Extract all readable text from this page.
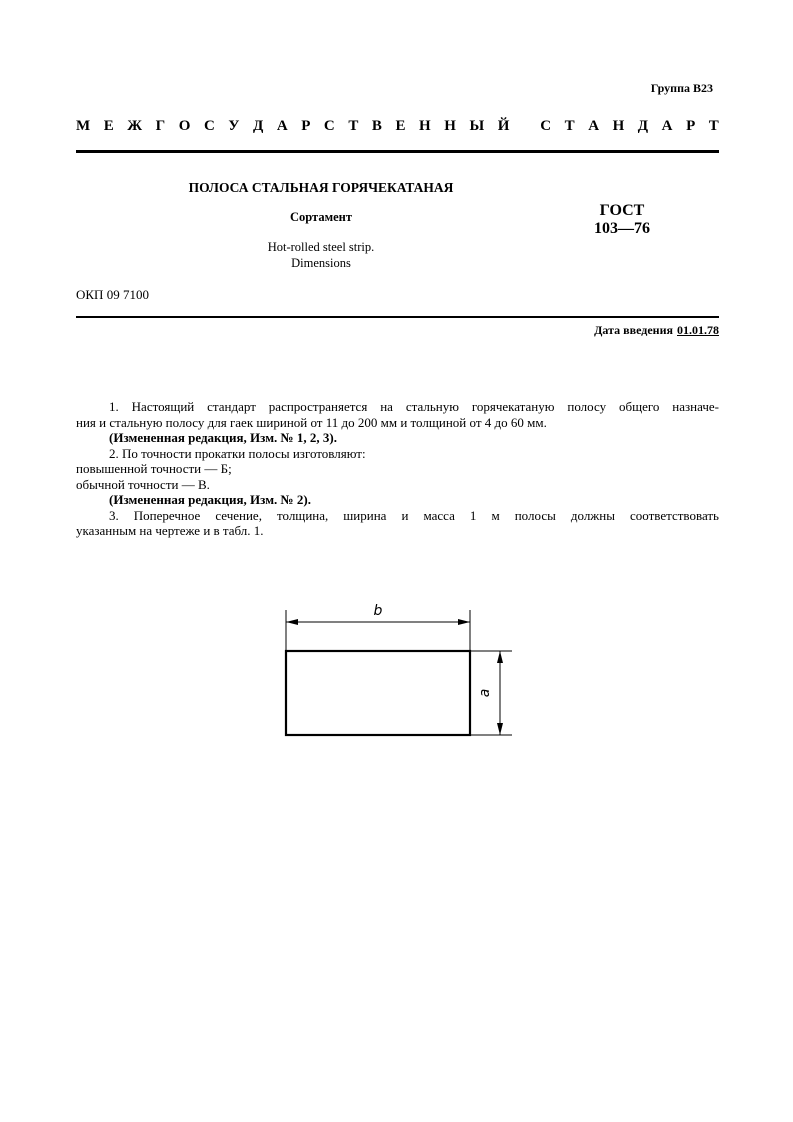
Группа В23
М Е Ж Г О С У Д А Р С Т В Е Н Н Ы Й
С Т А Н Д А Р Т
ПОЛОСА СТАЛЬНАЯ ГОРЯЧЕКАТАНАЯ
Сортамент
Hot-rolled steel strip.
Dimensions
ГОСТ
103—76
ОКП 09 7100
Дата введения 01.01.78

1. Настоящий стандарт распространяется на стальную горячекатаную полосу общего назначе-

ния и стальную полосу для гаек шириной от 11 до 200 мм и толщиной от 4 до 60 мм.

(Измененная редакция, Изм. № 1, 2, 3).

2. По точности прокатки полосы изготовляют:

повышенной точности — Б;

обычной точности — В.

(Измененная редакция, Изм. № 2).

3. Поперечное сечение, толщина, ширина и масса 1 м полосы должны соответствовать

указанным на чертеже и в табл. 1.

b
a
